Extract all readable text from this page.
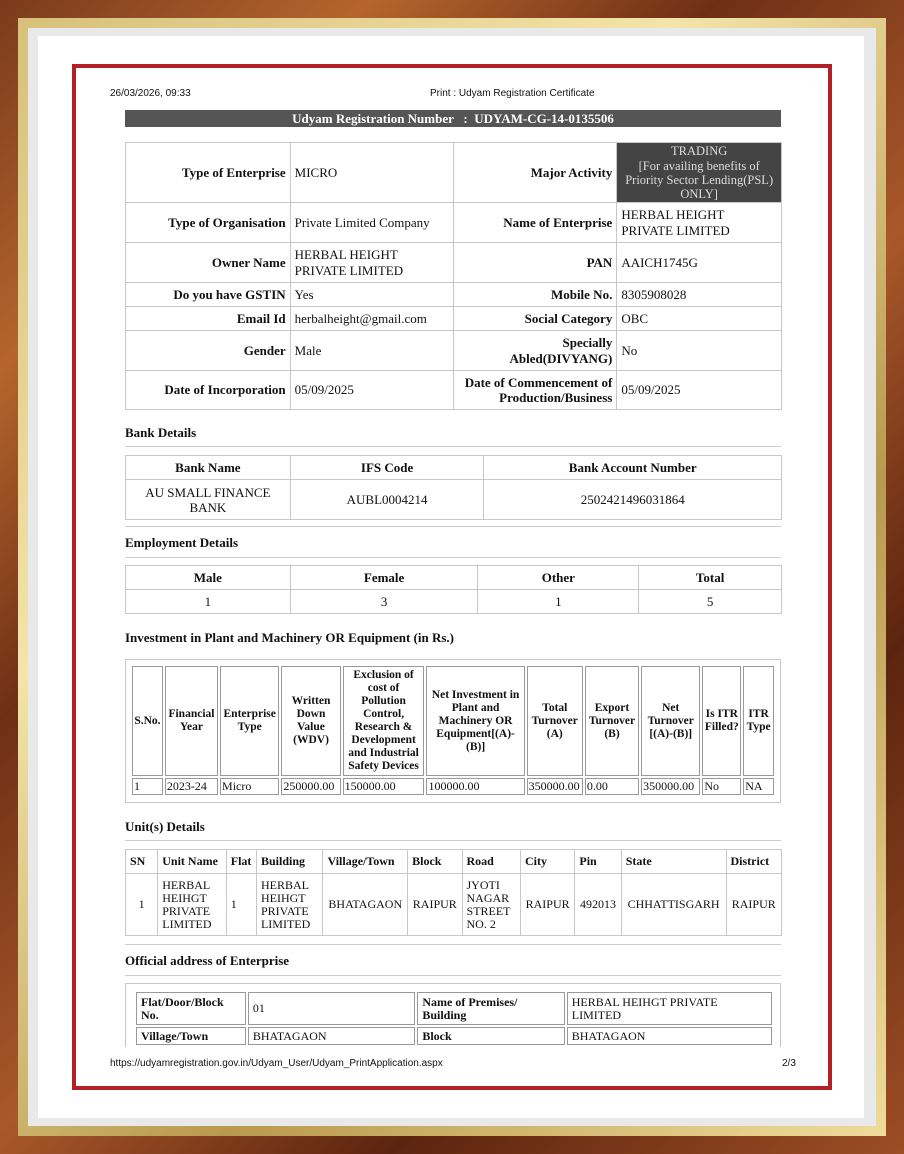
26/03/2026, 09:33	Print : Udyam Registration Certificate
Udyam Registration Number : UDYAM-CG-14-0135506
Type of Enterprise	MICRO	Major Activity	TRADING
[For availing benefits of Priority Sector Lending(PSL) ONLY]

Type of Organisation	Private Limited Company	Name of Enterprise	HERBAL HEIGHT PRIVATE LIMITED
Owner Name	HERBAL HEIGHT PRIVATE LIMITED	PAN	AAICH1745G
Do you have GSTIN	Yes	Mobile No.	8305908028
Email Id	herbalheight@gmail.com	Social Category	OBC
Gender	Male	Specially Abled(DIVYANG)	No
Date of Incorporation	05/09/2025	Date of Commencement of Production/Business	05/09/2025
Bank Details
Bank Name	IFS Code	Bank Account Number
AU SMALL FINANCE BANK	AUBL0004214	2502421496031864
Employment Details
Male	Female	Other	Total
1	3	1	5
Investment in Plant and Machinery OR Equipment (in Rs.)
S.No.	Financial Year	Enterprise Type	Written Down Value (WDV)	Exclusion of cost of Pollution Control, Research & Development and Industrial Safety Devices	Net Investment in Plant and Machinery OR Equipment[(A)-(B)]	Total Turnover (A)	Export Turnover (B)	Net Turnover [(A)-(B)]	Is ITR Filled?	ITR Type
1	2023-24	Micro	250000.00	150000.00	100000.00	350000.00	0.00	350000.00	No	NA
Unit(s) Details
SN	Unit Name	Flat	Building	Village/Town	Block	Road	City	Pin	State	District
1	HERBAL HEIHGT PRIVATE LIMITED	1	HERBAL HEIHGT PRIVATE LIMITED	BHATAGAON	RAIPUR	JYOTI NAGAR STREET NO. 2	RAIPUR	492013	CHHATTISGARH	RAIPUR
Official address of Enterprise
Flat/Door/Block No.	01	Name of Premises/ Building	HERBAL HEIHGT PRIVATE LIMITED
Village/Town	BHATAGAON	Block	BHATAGAON
https://udyamregistration.gov.in/Udyam_User/Udyam_PrintApplication.aspx	2/3
